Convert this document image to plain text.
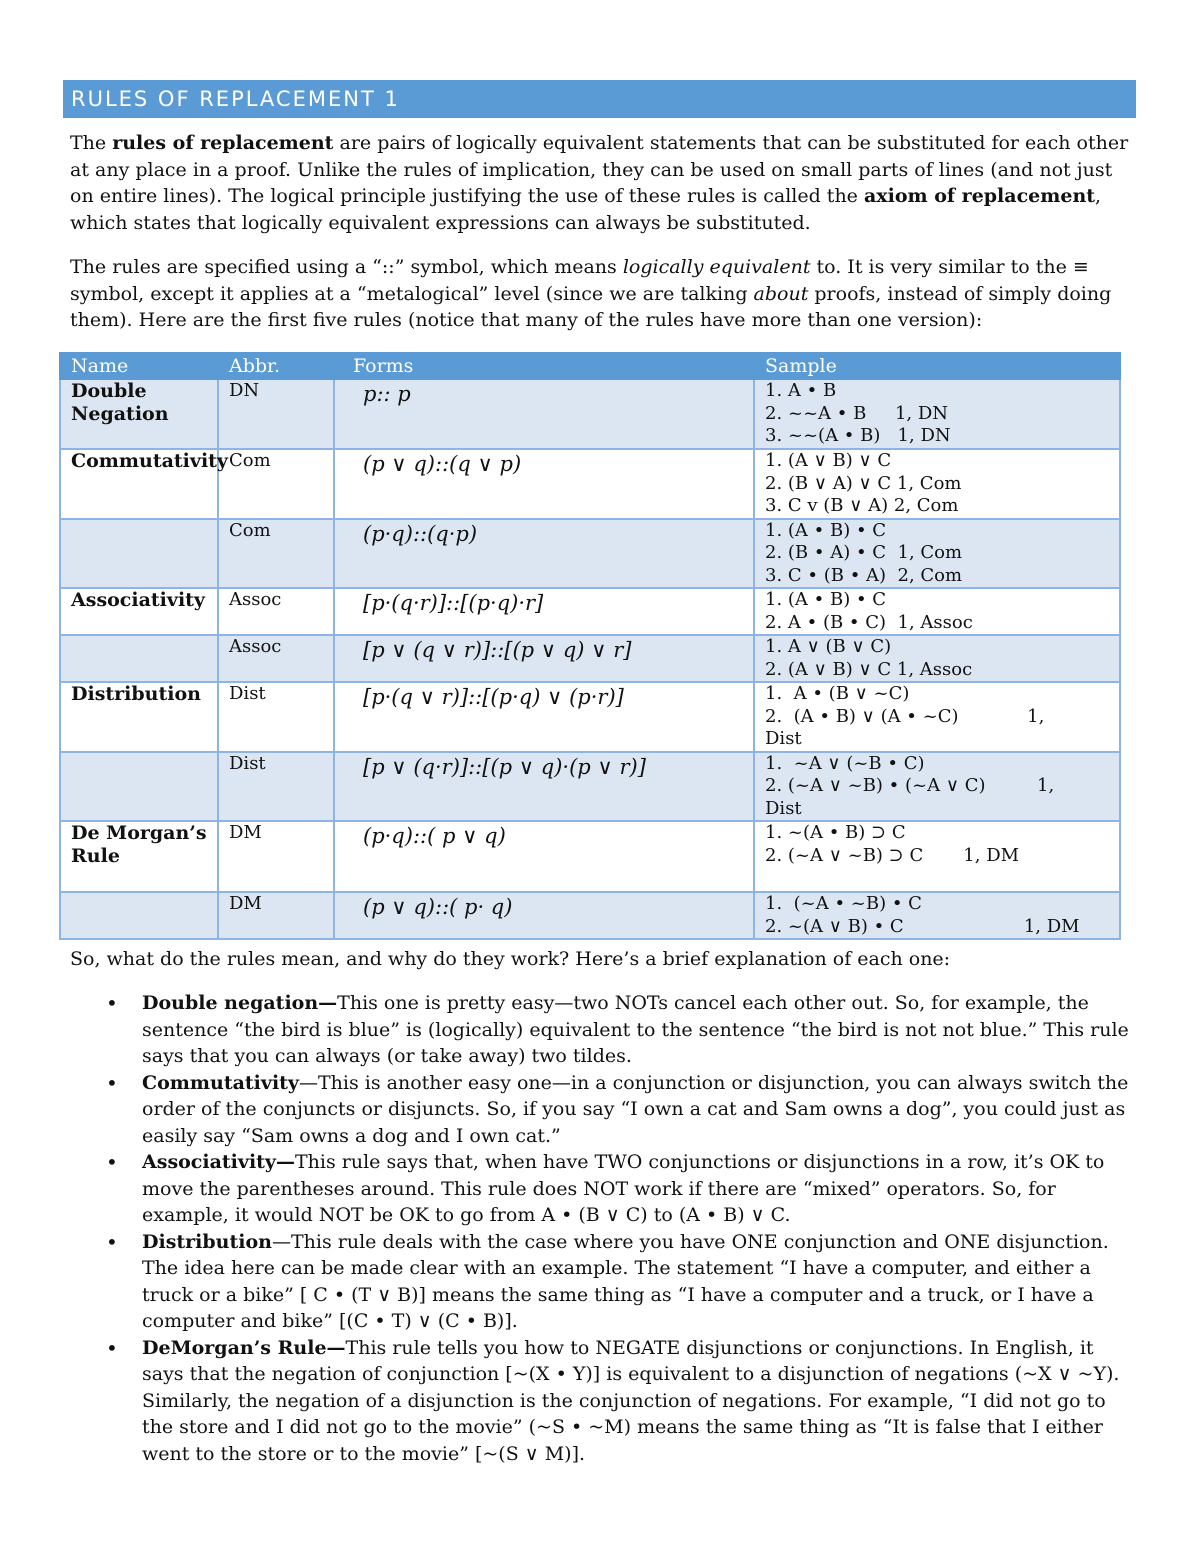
RULES OF REPLACEMENT 1

The rules of replacement are pairs of logically equivalent statements that can be substituted for each other at any place in a proof. Unlike the rules of implication, they can be used on small parts of lines (and not just on entire lines). The logical principle justifying the use of these rules is called the axiom of replacement, which states that logically equivalent expressions can always be substituted.

The rules are specified using a “::” symbol, which means logically equivalent to. It is very similar to the ≡ symbol, except it applies at a “metalogical” level (since we are talking about proofs, instead of simply doing them). Here are the first five rules (notice that many of the rules have more than one version):

Name	Abbr.	Forms	Sample
Double Negation	DN	p:: p	1. A • B
2. ~~A • B     1, DN
3. ~~(A • B)   1, DN

Commutativity	Com	(p ∨ q)::(q ∨ p)	1. (A ∨ B) ∨ C
2. (B ∨ A) ∨ C 1, Com
3. C v (B ∨ A) 2, Com

	Com	(p·q)::(q·p)	1. (A • B) • C
2. (B • A) • C  1, Com
3. C • (B • A)  2, Com

Associativity	Assoc	[p·(q·r)]::[(p·q)·r]	1. (A • B) • C
2. A • (B • C)  1, Assoc

	Assoc	[p ∨ (q ∨ r)]::[(p ∨ q) ∨ r]	1. A ∨ (B ∨ C)
2. (A ∨ B) ∨ C 1, Assoc

Distribution	Dist	[p·(q ∨ r)]::[(p·q) ∨ (p·r)]	1.  A • (B ∨ ~C)
2.  (A • B) ∨ (A • ~C)            1,
Dist

	Dist	[p ∨ (q·r)]::[(p ∨ q)·(p ∨ r)]	1.  ~A ∨ (~B • C)
2. (~A ∨ ~B) • (~A ∨ C)         1,
Dist

De Morgan’s Rule	DM	(p·q)::( p ∨ q)	1. ~(A • B) ⊃ C
2. (~A ∨ ~B) ⊃ C       1, DM

	DM	(p ∨ q)::( p· q)	1.  (~A • ~B) • C
2. ~(A ∨ B) • C                     1, DM

So, what do the rules mean, and why do they work? Here’s a brief explanation of each one:

• Double negation—This one is pretty easy—two NOTs cancel each other out. So, for example, the sentence “the bird is blue” is (logically) equivalent to the sentence “the bird is not not blue.” This rule says that you can always (or take away) two tildes.
• Commutativity—This is another easy one—in a conjunction or disjunction, you can always switch the order of the conjuncts or disjuncts. So, if you say “I own a cat and Sam owns a dog”, you could just as easily say “Sam owns a dog and I own cat.”
• Associativity—This rule says that, when have TWO conjunctions or disjunctions in a row, it’s OK to move the parentheses around. This rule does NOT work if there are “mixed” operators. So, for example, it would NOT be OK to go from A • (B ∨ C) to (A • B) ∨ C.
• Distribution—This rule deals with the case where you have ONE conjunction and ONE disjunction. The idea here can be made clear with an example. The statement “I have a computer, and either a truck or a bike” [ C • (T ∨ B)] means the same thing as “I have a computer and a truck, or I have a computer and bike” [(C • T) ∨ (C • B)].
• DeMorgan’s Rule—This rule tells you how to NEGATE disjunctions or conjunctions. In English, it says that the negation of conjunction [~(X • Y)] is equivalent to a disjunction of negations (~X ∨ ~Y). Similarly, the negation of a disjunction is the conjunction of negations. For example, “I did not go to the store and I did not go to the movie” (~S • ~M) means the same thing as “It is false that I either went to the store or to the movie” [~(S ∨ M)].
